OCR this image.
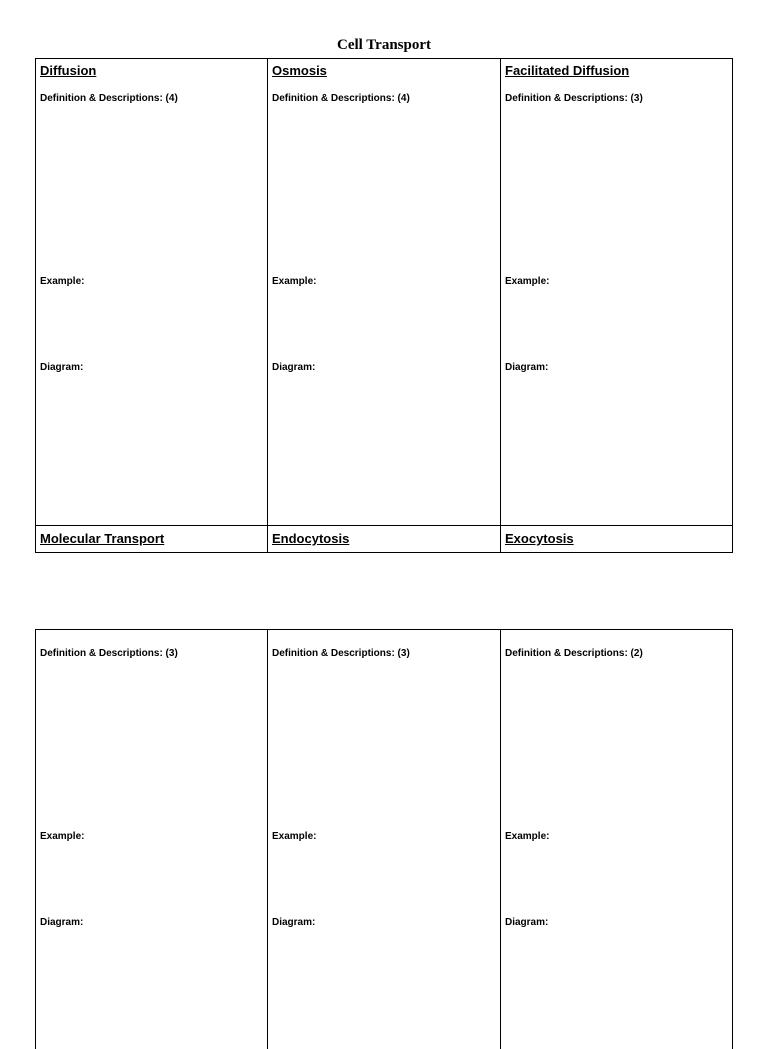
Cell Transport
Diffusion
Definition & Descriptions: (4)
Example:
Diagram:
Osmosis
Definition & Descriptions: (4)
Example:
Diagram:
Facilitated Diffusion
Definition & Descriptions: (3)
Example:
Diagram:
Molecular Transport	Endocytosis	Exocytosis
Definition & Descriptions: (3)
Example:
Diagram:
Definition & Descriptions: (3)
Example:
Diagram:
Definition & Descriptions: (2)
Example:
Diagram:
